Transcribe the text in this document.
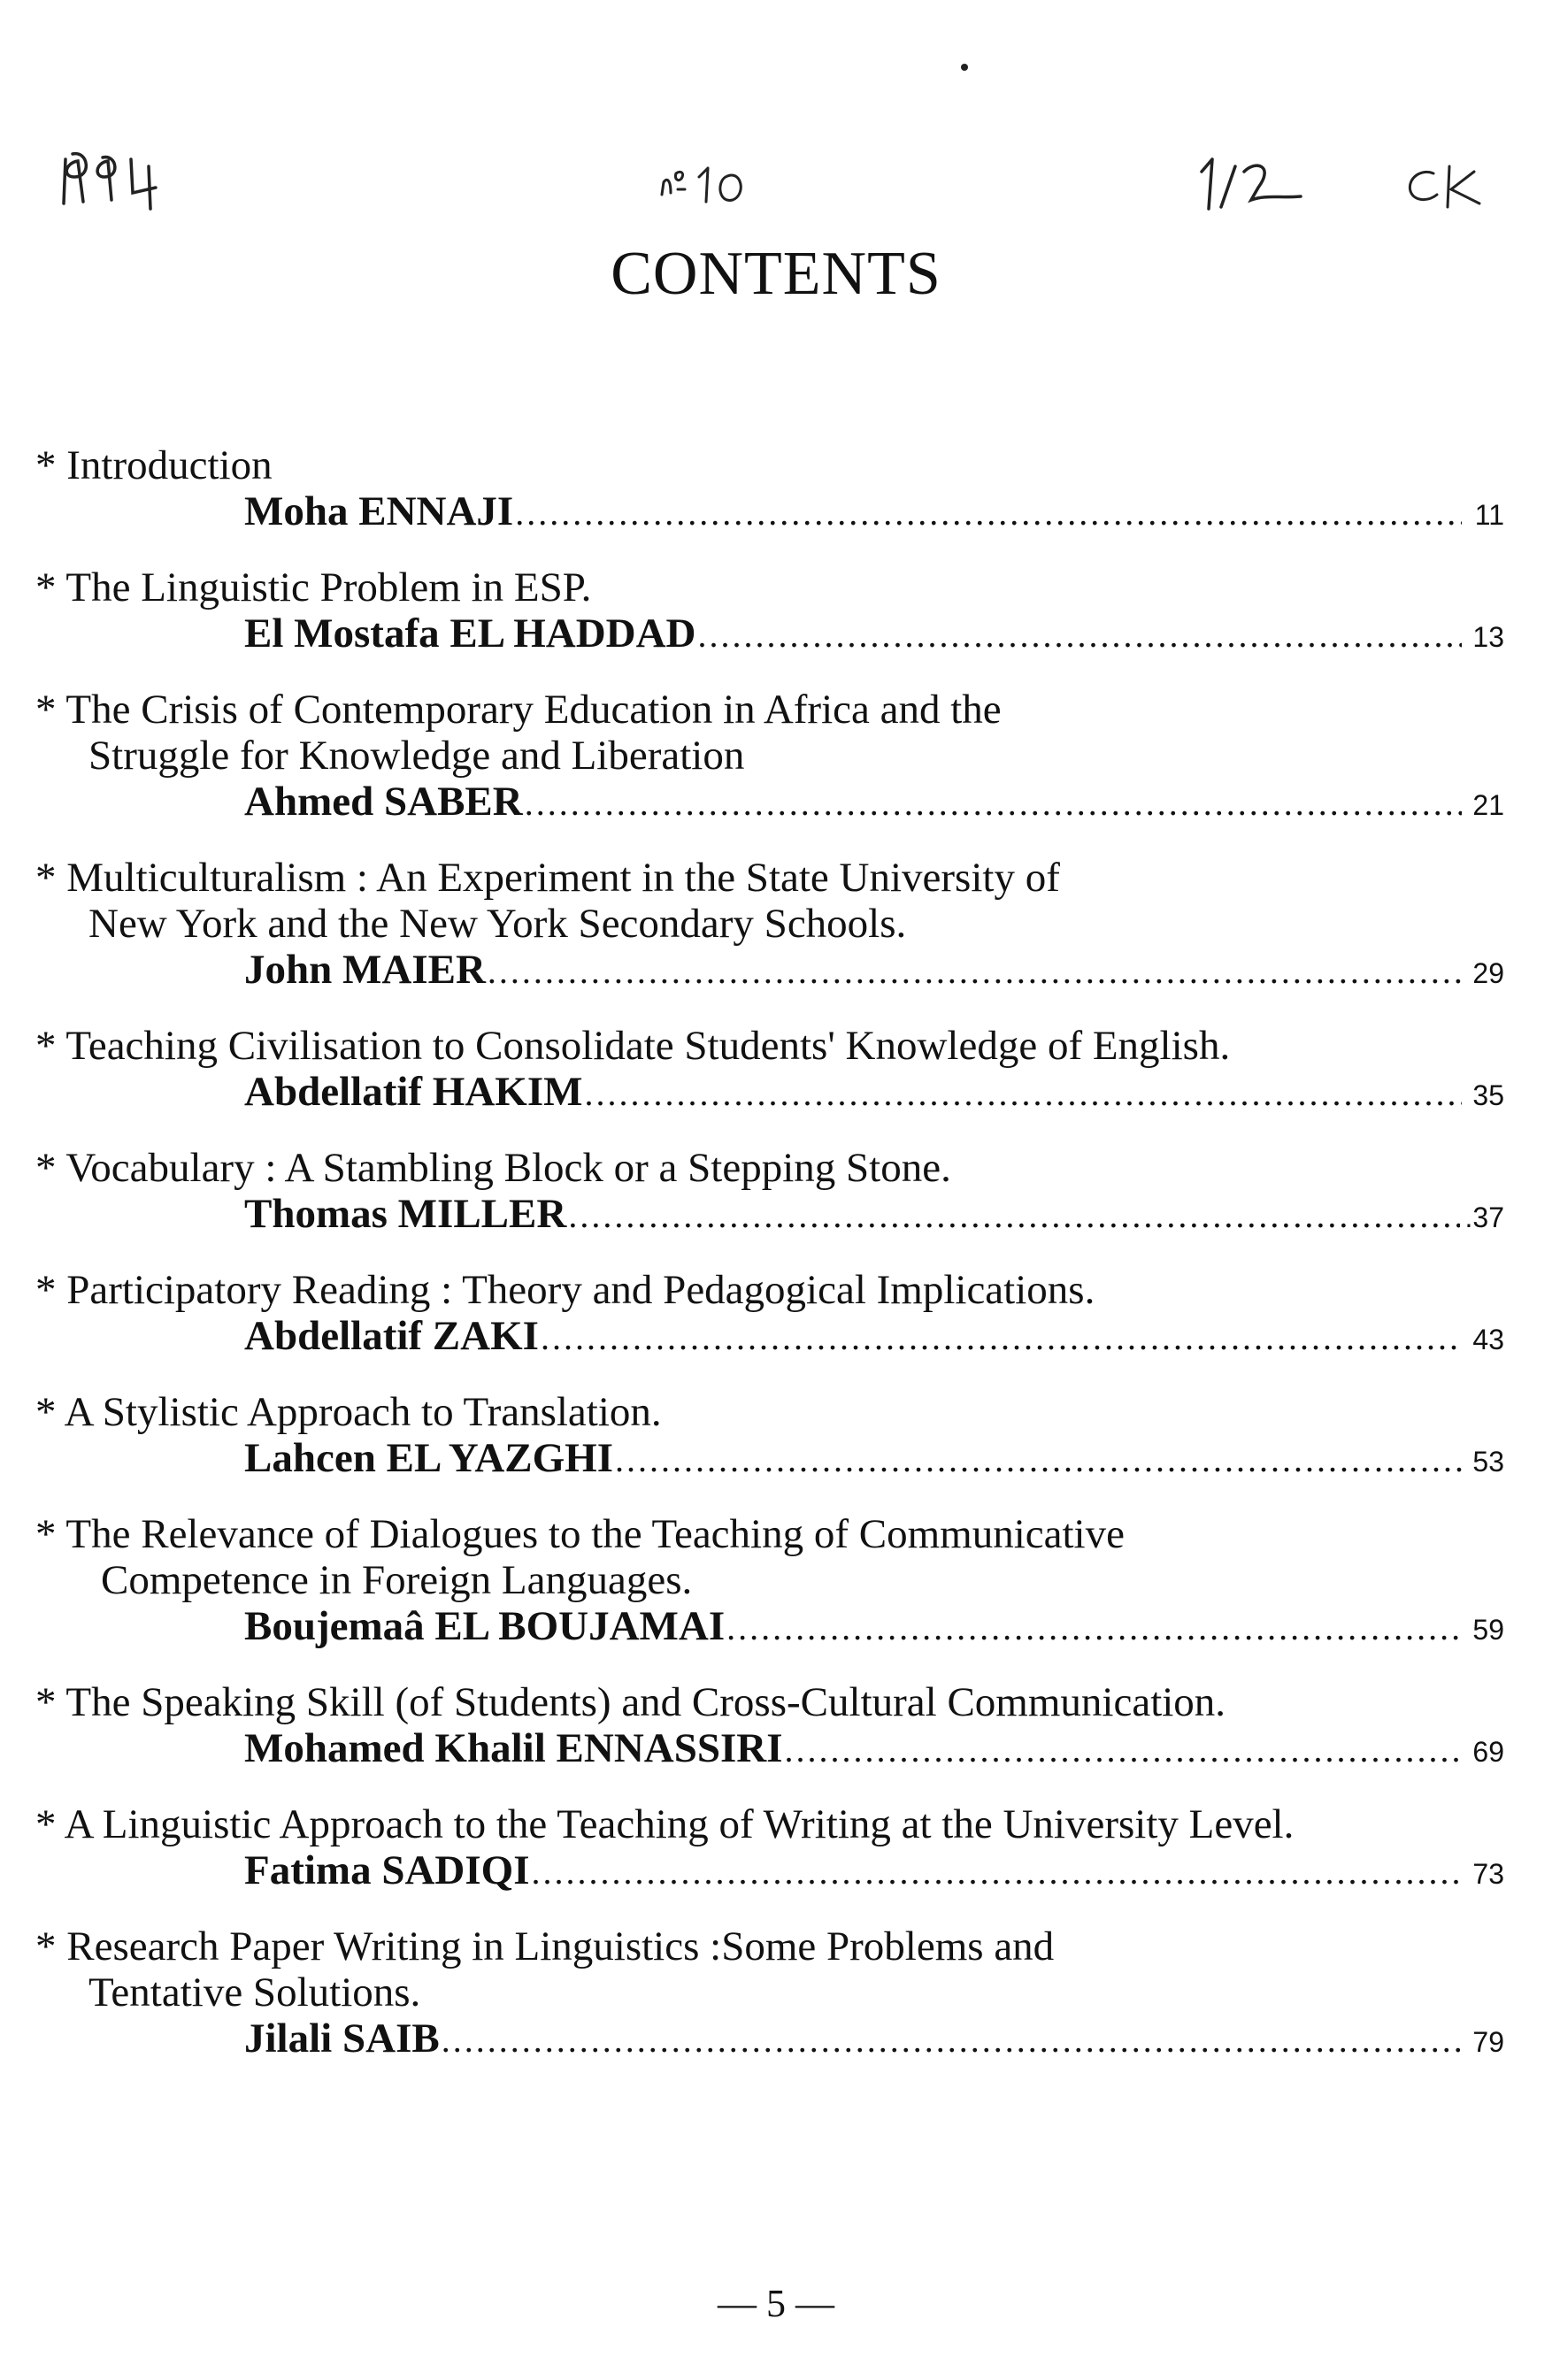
CONTENTS
* Introduction
Moha ENNAJI .....	11
* The Linguistic Problem in ESP.
El Mostafa EL HADDAD .....	13
* The Crisis of Contemporary Education in Africa and the
Struggle for Knowledge and Liberation
Ahmed SABER .....	21
* Multiculturalism : An Experiment in the State University of
New York and the New York Secondary Schools.
John MAIER .....	29
* Teaching Civilisation to Consolidate Students' Knowledge of English.
Abdellatif HAKIM .....	35
* Vocabulary : A Stambling Block or a Stepping Stone.
Thomas MILLER .....	.37
* Participatory Reading : Theory and Pedagogical Implications.
Abdellatif ZAKI .....	43
* A Stylistic Approach to Translation.
Lahcen EL YAZGHI .....	53
* The Relevance of Dialogues to the Teaching of Communicative
Competence in Foreign Languages.
Boujemaâ EL BOUJAMAI .....	59
* The Speaking Skill (of Students) and Cross-Cultural Communication.
Mohamed Khalil ENNASSIRI .....	69
* A Linguistic Approach to the Teaching of Writing at the University Level.
Fatima SADIQI .....	73
* Research Paper Writing in Linguistics :Some Problems and
Tentative Solutions.
Jilali SAIB .....	79
— 5 —
